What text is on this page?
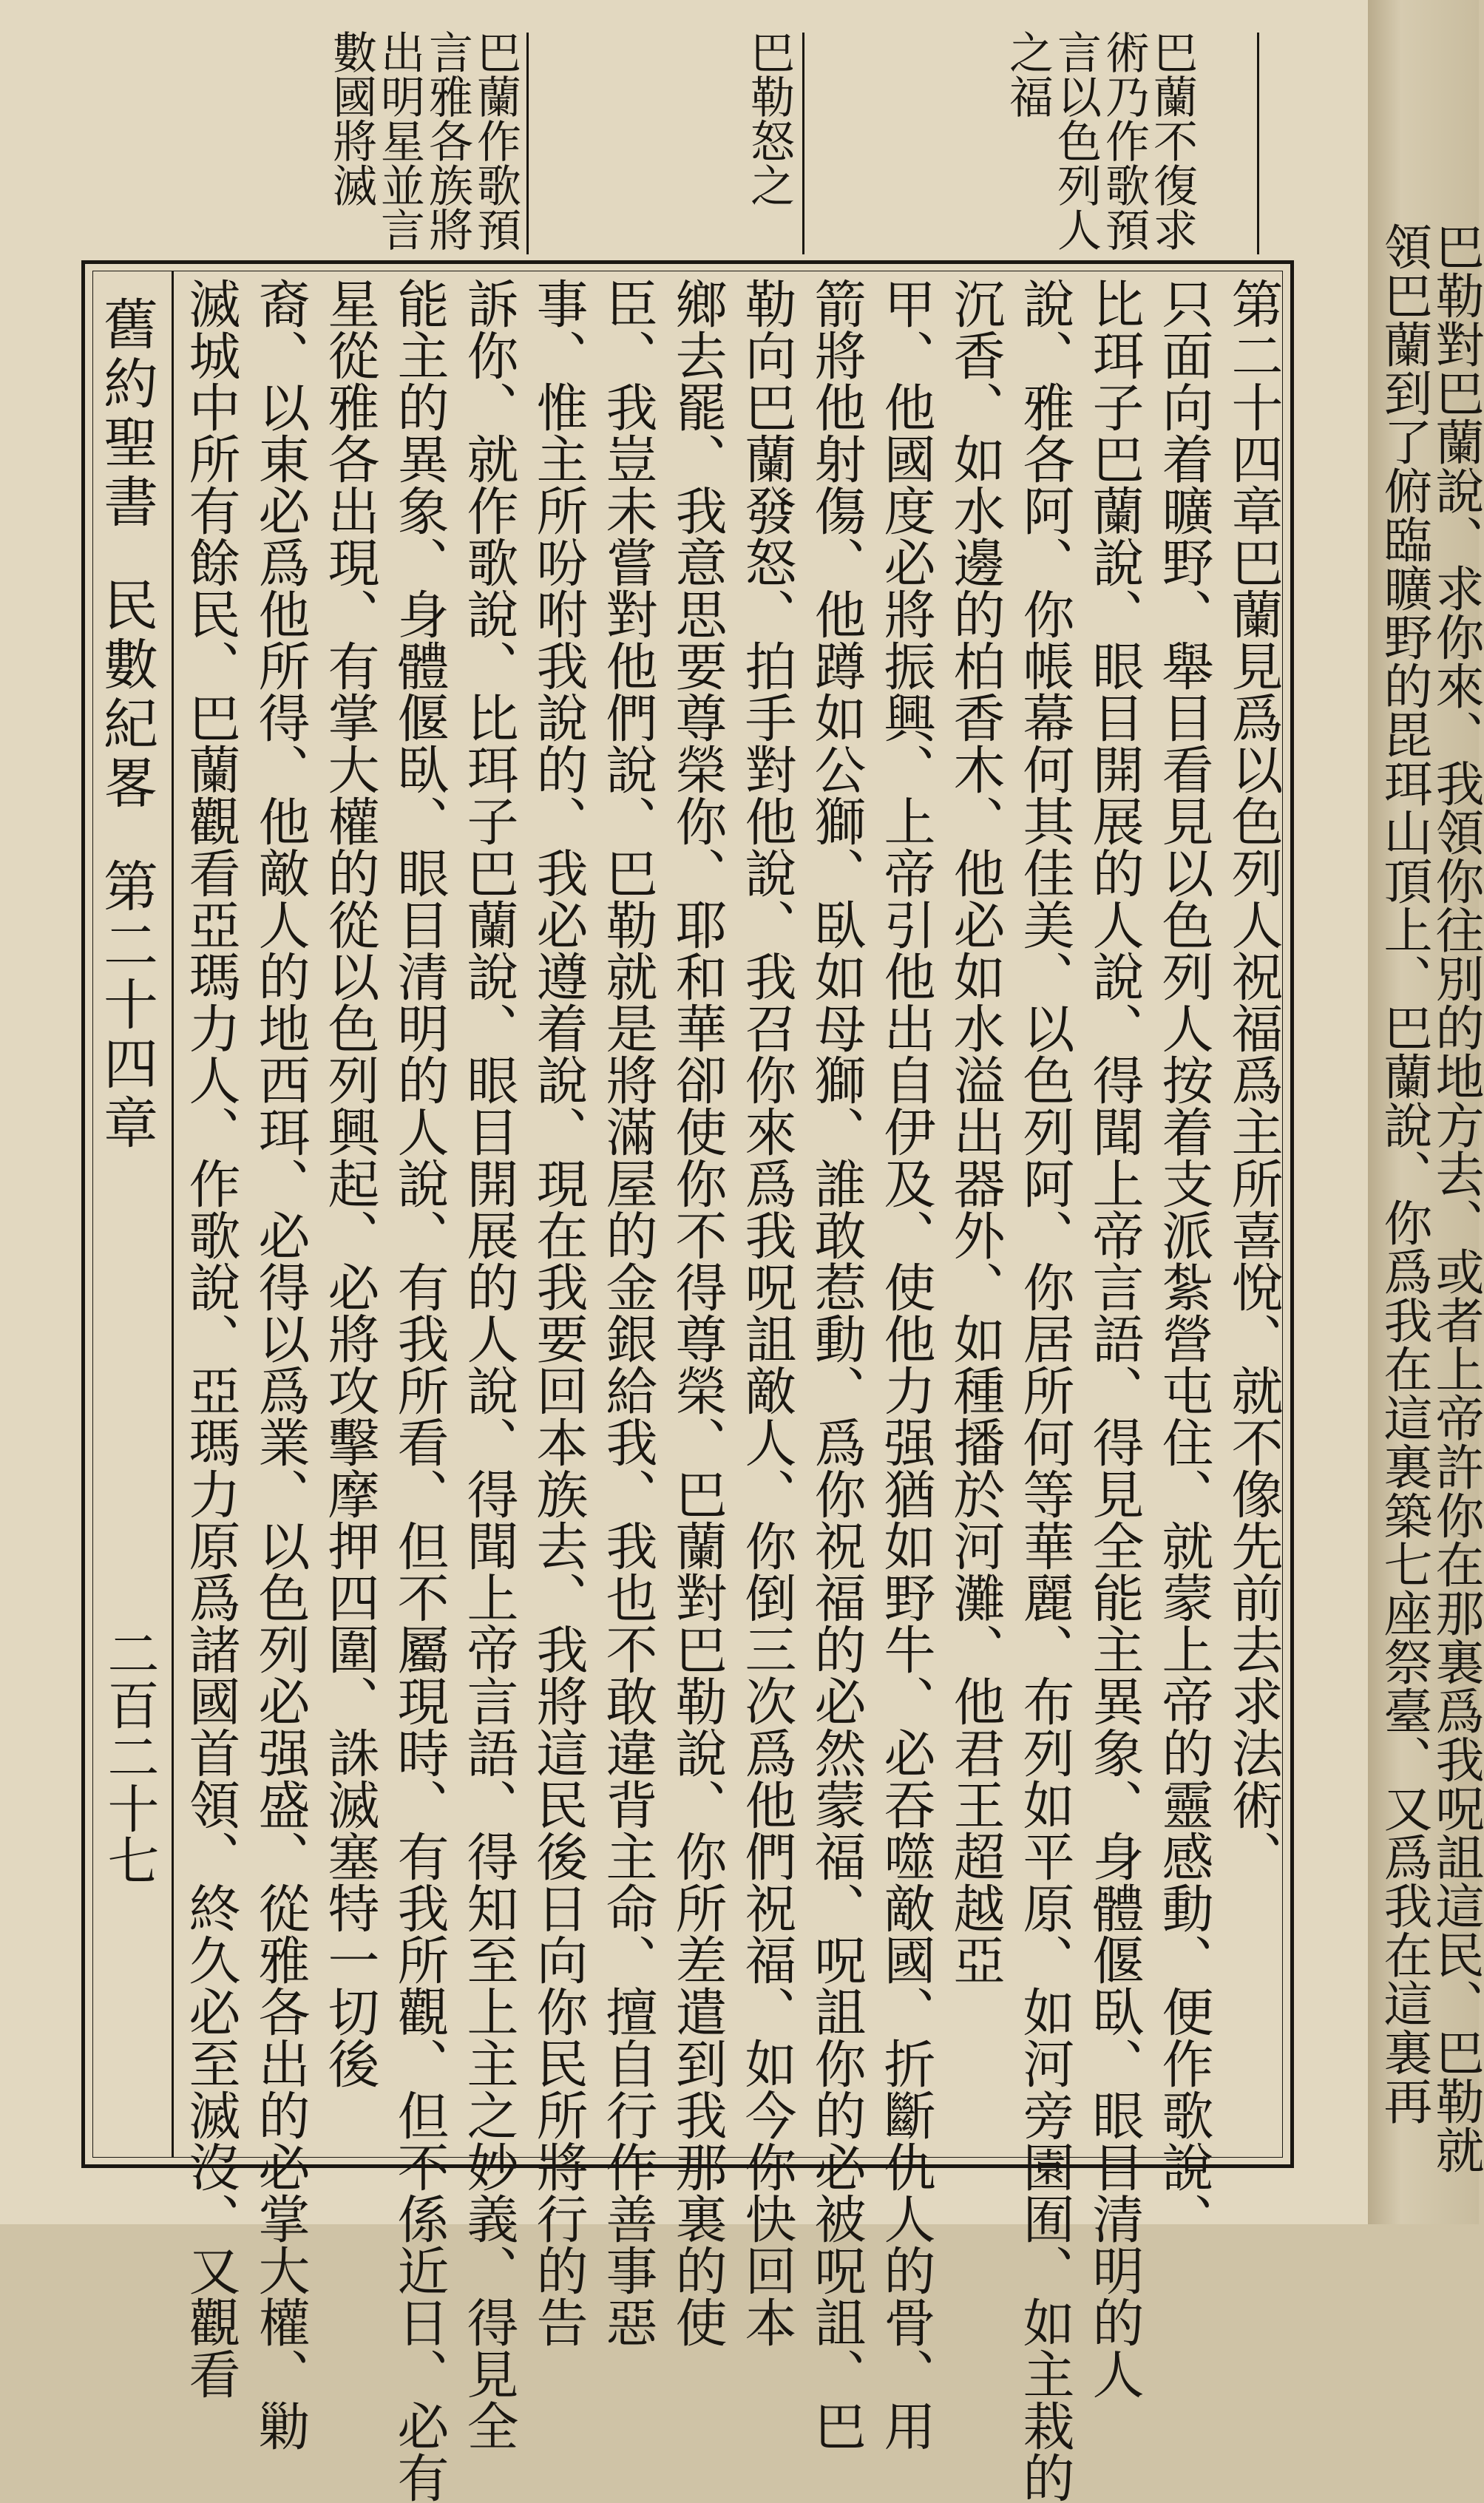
巴蘭不復求
術乃作歌預
言以色列人
之福
巴勒怒之
巴蘭作歌預
言雅各族將
出明星並言
數國將滅
第二十四章巴蘭見爲以色列人祝福爲主所喜悅、就不像先前去求法術、
只面向着曠野、舉目看見以色列人按着支派紮營屯住、就蒙上帝的靈感動、便作歌說、
比珥子巴蘭說、眼目開展的人說、得聞上帝言語、得見全能主異象、身體偃臥、眼目清明的人
說、雅各阿、你帳幕何其佳美、以色列阿、你居所何等華麗、布列如平原、如河旁園囿、如主栽的
沉香、如水邊的柏香木、他必如水溢出器外、如種播於河灘、他君王超越亞
甲、他國度必將振興、上帝引他出自伊及、使他力强猶如野牛、必吞噬敵國、折斷仇人的骨、用
箭將他射傷、他蹲如公獅、臥如母獅、誰敢惹動、爲你祝福的必然蒙福、呪詛你的必被呪詛、巴
勒向巴蘭發怒、拍手對他說、我召你來爲我呪詛敵人、你倒三次爲他們祝福、如今你快回本
鄉去罷、我意思要尊榮你、耶和華卻使你不得尊榮、巴蘭對巴勒說、你所差遣到我那裏的使
臣、我豈未嘗對他們說、巴勒就是將滿屋的金銀給我、我也不敢違背主命、擅自行作善事惡
事、惟主所吩咐我說的、我必遵着說、現在我要回本族去、我將這民後日向你民所將行的告
訴你、就作歌說、比珥子巴蘭說、眼目開展的人說、得聞上帝言語、得知至上主之妙義、得見全
能主的異象、身體偃臥、眼目清明的人說、有我所看、但不屬現時、有我所觀、但不係近日、必有
星從雅各出現、有掌大權的從以色列興起、必將攻擊摩押四圍、誅滅塞特一切後
裔、以東必爲他所得、他敵人的地西珥、必得以爲業、以色列必强盛、從雅各出的必掌大權、勦
滅城中所有餘民、巴蘭觀看亞瑪力人、作歌說、亞瑪力原爲諸國首領、終久必至滅沒、又觀看
舊約聖書民數紀畧第二十四章
二百二十七	巴勒對巴蘭說、求你來、我領你往別的地方去、或者上帝許你在那裏爲我呪詛這民、巴勒就
領巴蘭到了俯臨曠野的毘珥山頂上、巴蘭說、你爲我在這裏築七座祭臺、又爲我在這裏再
